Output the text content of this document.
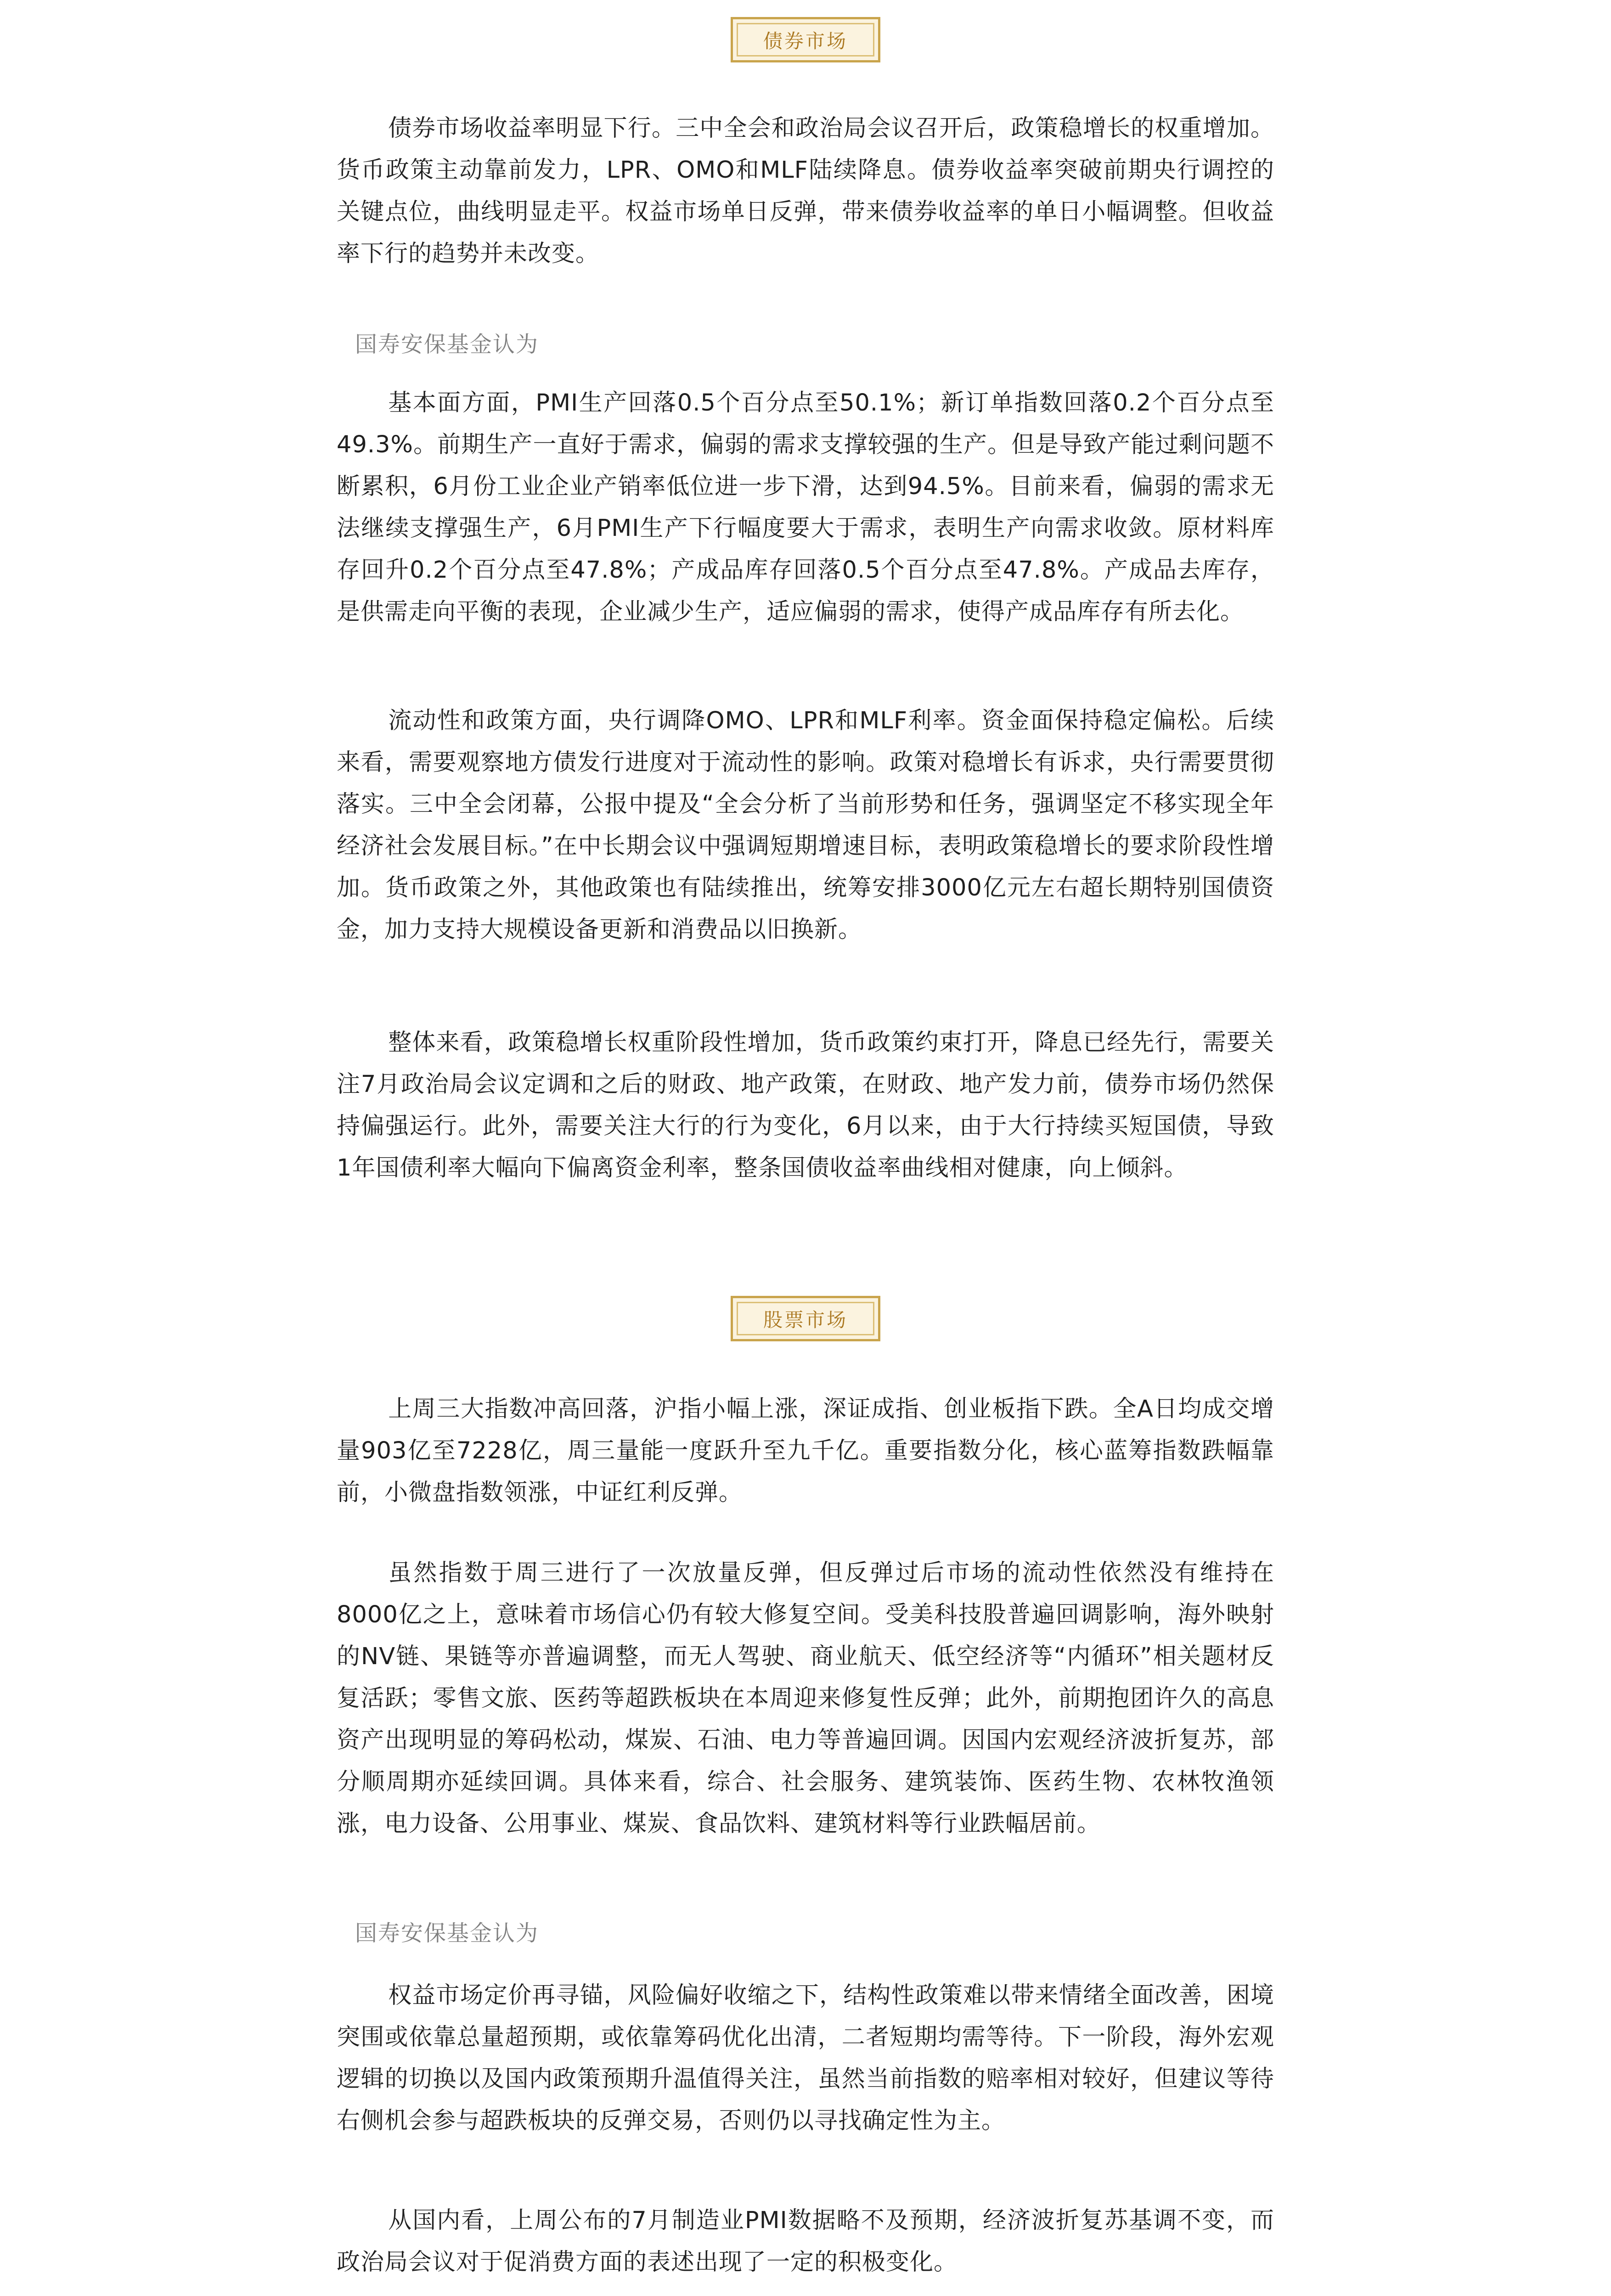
债券市场

债券市场收益率明显下行。三中全会和政治局会议召开后，政策稳增长的权重增加。货币政策主动靠前发力，LPR、OMO和MLF陆续降息。债券收益率突破前期央行调控的关键点位，曲线明显走平。权益市场单日反弹，带来债券收益率的单日小幅调整。但收益率下行的趋势并未改变。

国寿安保基金认为

基本面方面，PMI生产回落0.5个百分点至50.1%；新订单指数回落0.2个百分点至49.3%。前期生产一直好于需求，偏弱的需求支撑较强的生产。但是导致产能过剩问题不断累积，6月份工业企业产销率低位进一步下滑，达到94.5%。目前来看，偏弱的需求无法继续支撑强生产，6月PMI生产下行幅度要大于需求，表明生产向需求收敛。原材料库存回升0.2个百分点至47.8%；产成品库存回落0.5个百分点至47.8%。产成品去库存，是供需走向平衡的表现，企业减少生产，适应偏弱的需求，使得产成品库存有所去化。

流动性和政策方面，央行调降OMO、LPR和MLF利率。资金面保持稳定偏松。后续来看，需要观察地方债发行进度对于流动性的影响。政策对稳增长有诉求，央行需要贯彻落实。三中全会闭幕，公报中提及“全会分析了当前形势和任务，强调坚定不移实现全年经济社会发展目标。”在中长期会议中强调短期增速目标，表明政策稳增长的要求阶段性增加。货币政策之外，其他政策也有陆续推出，统筹安排3000亿元左右超长期特别国债资金，加力支持大规模设备更新和消费品以旧换新。

整体来看，政策稳增长权重阶段性增加，货币政策约束打开，降息已经先行，需要关注7月政治局会议定调和之后的财政、地产政策，在财政、地产发力前，债券市场仍然保持偏强运行。此外，需要关注大行的行为变化，6月以来，由于大行持续买短国债，导致1年国债利率大幅向下偏离资金利率，整条国债收益率曲线相对健康，向上倾斜。

股票市场

上周三大指数冲高回落，沪指小幅上涨，深证成指、创业板指下跌。全A日均成交增量903亿至7228亿，周三量能一度跃升至九千亿。重要指数分化，核心蓝筹指数跌幅靠前，小微盘指数领涨，中证红利反弹。

虽然指数于周三进行了一次放量反弹，但反弹过后市场的流动性依然没有维持在8000亿之上，意味着市场信心仍有较大修复空间。受美科技股普遍回调影响，海外映射的NV链、果链等亦普遍调整，而无人驾驶、商业航天、低空经济等“内循环”相关题材反复活跃；零售文旅、医药等超跌板块在本周迎来修复性反弹；此外，前期抱团许久的高息资产出现明显的筹码松动，煤炭、石油、电力等普遍回调。因国内宏观经济波折复苏，部分顺周期亦延续回调。具体来看，综合、社会服务、建筑装饰、医药生物、农林牧渔领涨，电力设备、公用事业、煤炭、食品饮料、建筑材料等行业跌幅居前。

国寿安保基金认为

权益市场定价再寻锚，风险偏好收缩之下，结构性政策难以带来情绪全面改善，困境突围或依靠总量超预期，或依靠筹码优化出清，二者短期均需等待。下一阶段，海外宏观逻辑的切换以及国内政策预期升温值得关注，虽然当前指数的赔率相对较好，但建议等待右侧机会参与超跌板块的反弹交易，否则仍以寻找确定性为主。

从国内看，上周公布的7月制造业PMI数据略不及预期，经济波折复苏基调不变，而政治局会议对于促消费方面的表述出现了一定的积极变化。
